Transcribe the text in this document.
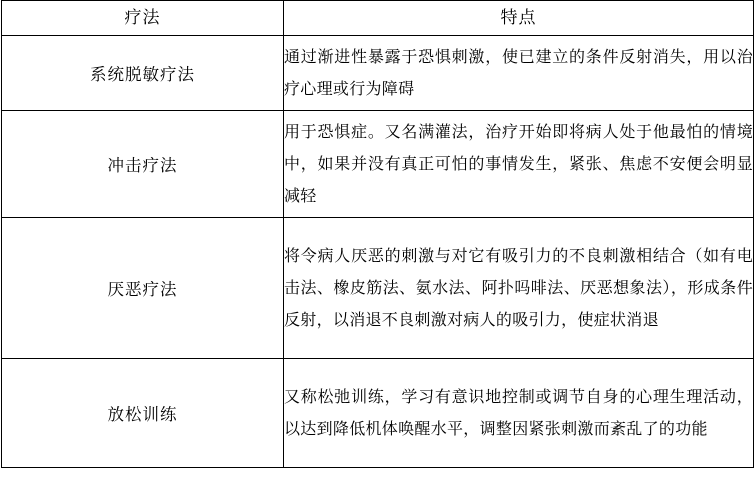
疗法	特点
系统脱敏疗法	通过渐进性暴露于恐惧刺激，使已建立的条件反射消失，用以治疗心理或行为障碍

冲击疗法	用于恐惧症。又名满灌法，治疗开始即将病人处于他最怕的情境中，如果并没有真正可怕的事情发生，紧张、焦虑不安便会明显减轻

厌恶疗法	将令病人厌恶的刺激与对它有吸引力的不良刺激相结合（如有电击法、橡皮筋法、氨水法、阿扑吗啡法、厌恶想象法），形成条件反射，以消退不良刺激对病人的吸引力，使症状消退

放松训练	又称松弛训练，学习有意识地控制或调节自身的心理生理活动，以达到降低机体唤醒水平，调整因紧张刺激而紊乱了的功能
